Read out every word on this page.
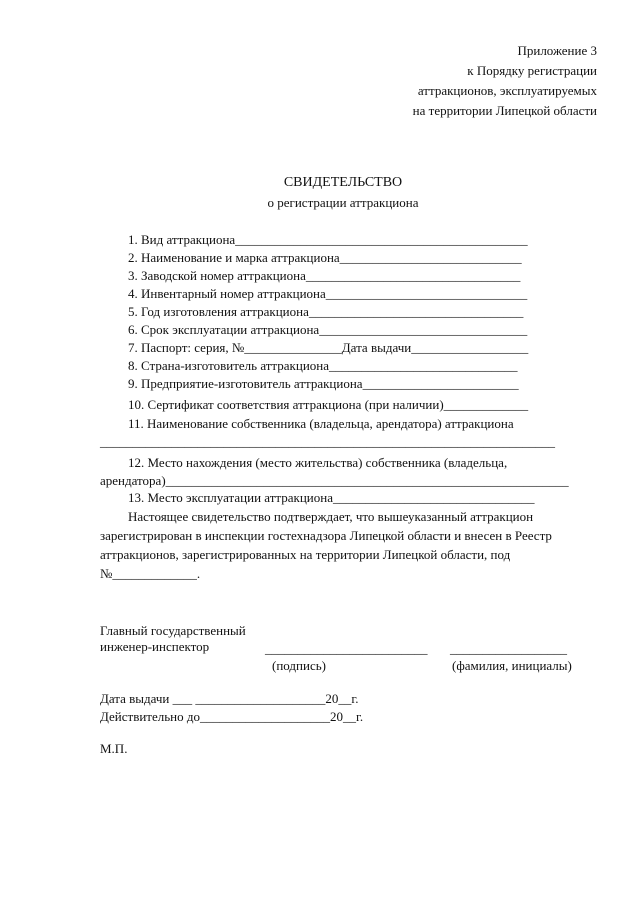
Приложение 3
к Порядку регистрации
аттракционов, эксплуатируемых
на территории Липецкой области
СВИДЕТЕЛЬСТВО
о регистрации аттракциона
1. Вид аттракциона_____________________________________________
2. Наименование и марка аттракциона____________________________
3. Заводской номер аттракциона_________________________________
4. Инвентарный номер аттракциона_______________________________
5. Год изготовления аттракциона_________________________________
6. Срок эксплуатации аттракциона________________________________
7. Паспорт: серия, №_______________Дата выдачи__________________
8. Страна-изготовитель аттракциона_____________________________
9. Предприятие-изготовитель аттракциона________________________
10. Сертификат соответствия аттракциона (при наличии)_____________
11. Наименование собственника (владельца, арендатора) аттракциона
______________________________________________________________________
12. Место нахождения (место жительства) собственника (владельца,
арендатора)______________________________________________________________
13. Место эксплуатации аттракциона_______________________________
Настоящее свидетельство подтверждает, что вышеуказанный аттракцион
зарегистрирован в инспекции гостехнадзора Липецкой области и внесен в Реестр
аттракционов, зарегистрированных на территории Липецкой области, под
№_____________.
Главный государственный
инженер-инспектор	_________________________ __________________
(подпись)	(фамилия, инициалы)
Дата выдачи ___ ____________________20__г.
Действительно до____________________20__г.
М.П.
